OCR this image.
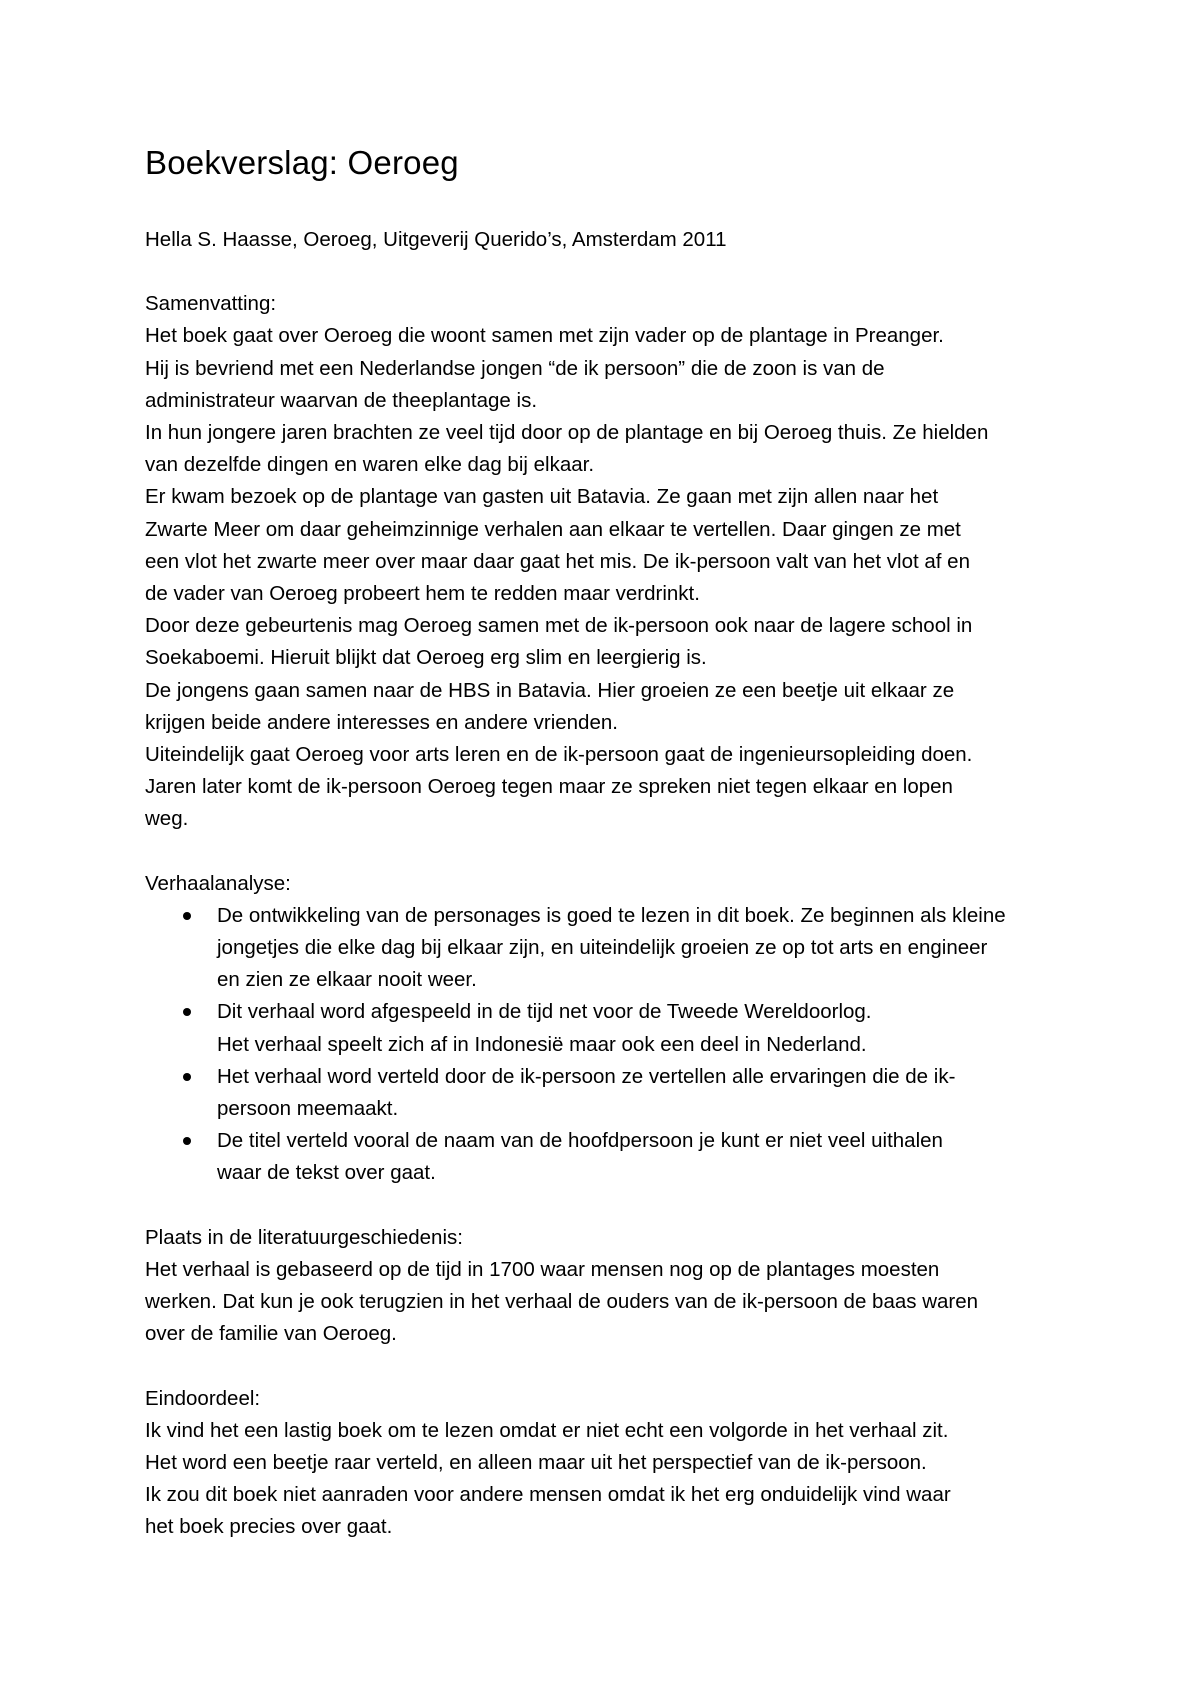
Boekverslag: Oeroeg

Hella S. Haasse, Oeroeg, Uitgeverij Querido’s, Amsterdam 2011

Samenvatting:

Het boek gaat over Oeroeg die woont samen met zijn vader op de plantage in Preanger.
Hij is bevriend met een Nederlandse jongen “de ik persoon” die de zoon is van de
administrateur waarvan de theeplantage is.
In hun jongere jaren brachten ze veel tijd door op de plantage en bij Oeroeg thuis. Ze hielden
van dezelfde dingen en waren elke dag bij elkaar.
Er kwam bezoek op de plantage van gasten uit Batavia. Ze gaan met zijn allen naar het
Zwarte Meer om daar geheimzinnige verhalen aan elkaar te vertellen. Daar gingen ze met
een vlot het zwarte meer over maar daar gaat het mis. De ik-persoon valt van het vlot af en
de vader van Oeroeg probeert hem te redden maar verdrinkt.
Door deze gebeurtenis mag Oeroeg samen met de ik-persoon ook naar de lagere school in
Soekaboemi. Hieruit blijkt dat Oeroeg erg slim en leergierig is.
De jongens gaan samen naar de HBS in Batavia. Hier groeien ze een beetje uit elkaar ze
krijgen beide andere interesses en andere vrienden.
Uiteindelijk gaat Oeroeg voor arts leren en de ik-persoon gaat de ingenieursopleiding doen.
Jaren later komt de ik-persoon Oeroeg tegen maar ze spreken niet tegen elkaar en lopen
weg.

Verhaalanalyse:

De ontwikkeling van de personages is goed te lezen in dit boek. Ze beginnen als kleine
jongetjes die elke dag bij elkaar zijn, en uiteindelijk groeien ze op tot arts en engineer
en zien ze elkaar nooit weer.
Dit verhaal word afgespeeld in de tijd net voor de Tweede Wereldoorlog.
Het verhaal speelt zich af in Indonesië maar ook een deel in Nederland.
Het verhaal word verteld door de ik-persoon ze vertellen alle ervaringen die de ik-
persoon meemaakt.
De titel verteld vooral de naam van de hoofdpersoon je kunt er niet veel uithalen
waar de tekst over gaat.

Plaats in de literatuurgeschiedenis:

Het verhaal is gebaseerd op de tijd in 1700 waar mensen nog op de plantages moesten
werken. Dat kun je ook terugzien in het verhaal de ouders van de ik-persoon de baas waren
over de familie van Oeroeg.

Eindoordeel:

Ik vind het een lastig boek om te lezen omdat er niet echt een volgorde in het verhaal zit.
Het word een beetje raar verteld, en alleen maar uit het perspectief van de ik-persoon.
Ik zou dit boek niet aanraden voor andere mensen omdat ik het erg onduidelijk vind waar
het boek precies over gaat.
